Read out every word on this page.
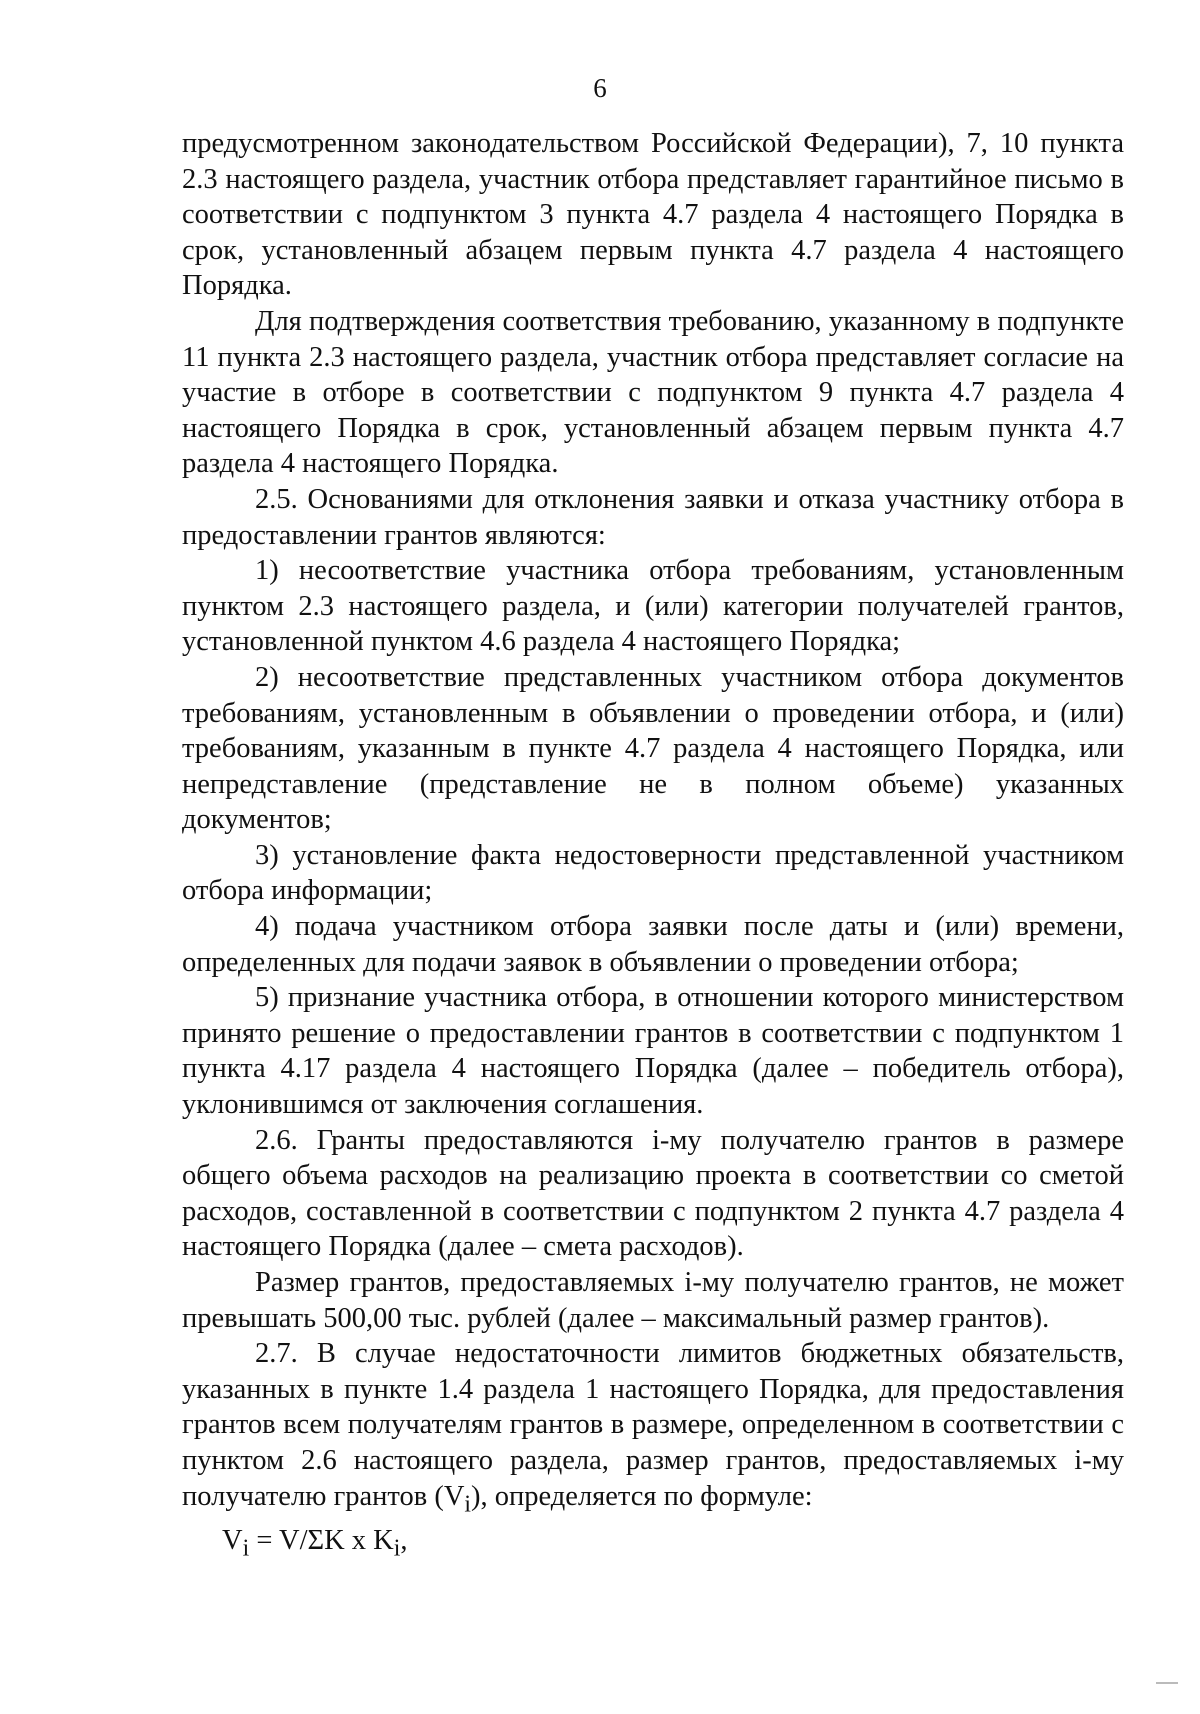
6

предусмотренном законодательством Российской Федерации), 7, 10 пункта 2.3 настоящего раздела, участник отбора представляет гарантийное письмо в соответствии с подпунктом 3 пункта 4.7 раздела 4 настоящего Порядка в срок, установленный абзацем первым пункта 4.7 раздела 4 настоящего Порядка.

Для подтверждения соответствия требованию, указанному в подпункте 11 пункта 2.3 настоящего раздела, участник отбора представляет согласие на участие в отборе в соответствии с подпунктом 9 пункта 4.7 раздела 4 настоящего Порядка в срок, установленный абзацем первым пункта 4.7 раздела 4 настоящего Порядка.

2.5. Основаниями для отклонения заявки и отказа участнику отбора в предоставлении грантов являются:

1) несоответствие участника отбора требованиям, установленным пунктом 2.3 настоящего раздела, и (или) категории получателей грантов, установленной пунктом 4.6 раздела 4 настоящего Порядка;

2) несоответствие представленных участником отбора документов требованиям, установленным в объявлении о проведении отбора, и (или) требованиям, указанным в пункте 4.7 раздела 4 настоящего Порядка, или непредставление (представление не в полном объеме) указанных документов;

3) установление факта недостоверности представленной участником отбора информации;

4) подача участником отбора заявки после даты и (или) времени, определенных для подачи заявок в объявлении о проведении отбора;

5) признание участника отбора, в отношении которого министерством принято решение о предоставлении грантов в соответствии с подпунктом 1 пункта 4.17 раздела 4 настоящего Порядка (далее – победитель отбора), уклонившимся от заключения соглашения.

2.6. Гранты предоставляются i-му получателю грантов в размере общего объема расходов на реализацию проекта в соответствии со сметой расходов, составленной в соответствии с подпунктом 2 пункта 4.7 раздела 4 настоящего Порядка (далее – смета расходов).

Размер грантов, предоставляемых i-му получателю грантов, не может превышать 500,00 тыс. рублей (далее – максимальный размер грантов).

2.7. В случае недостаточности лимитов бюджетных обязательств, указанных в пункте 1.4 раздела 1 настоящего Порядка, для предоставления грантов всем получателям грантов в размере, определенном в соответствии с пунктом 2.6 настоящего раздела, размер грантов, предоставляемых i-му получателю грантов $(V_i)$, определяется по формуле:

$V_i = V/\Sigma K$ x $K_i$,
